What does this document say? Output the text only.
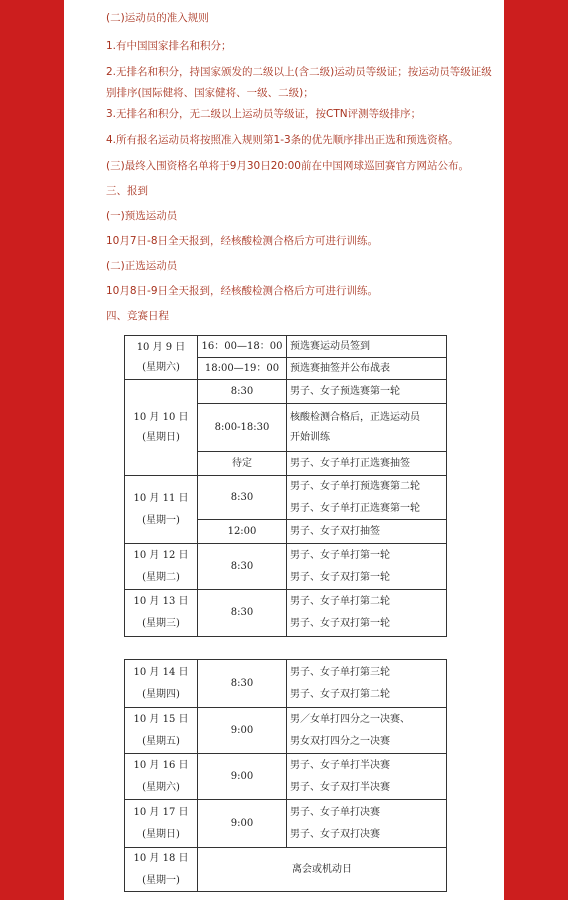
(二)运动员的准入规则

1.有中国国家排名和积分；

2.无排名和积分，持国家颁发的二级以上(含二级)运动员等级证；按运动员等级证级别排序(国际健将、国家健将、一级、二级)；

3.无排名和积分，无二级以上运动员等级证，按CTN评测等级排序；

4.所有报名运动员将按照准入规则第1-3条的优先顺序排出正选和预选资格。

(三)最终入围资格名单将于9月30日20:00前在中国网球巡回赛官方网站公布。

三、报到

(一)预选运动员

10月7日-8日全天报到，经核酸检测合格后方可进行训练。

(二)正选运动员

10月8日-9日全天报到，经核酸检测合格后方可进行训练。

四、竞赛日程

10 月 9 日
(星期六)	16：00—18：00	预选赛运动员签到
	18:00—19：00	预选赛抽签并公布战表

10 月 10 日
(星期日)	8:30	男子、女子预选赛第一轮
	8:00-18:30	核酸检测合格后，正选运动员
开始训练

	待定	男子、女子单打正选赛抽签

10 月 11 日
(星期一)	8:30	男子、女子单打预选赛第二轮
男子、女子单打正选赛第一轮

	12:00	男子、女子双打抽签

10 月 12 日
(星期二)	8:30	男子、女子单打第一轮
男子、女子双打第一轮

10 月 13 日
(星期三)	8:30	男子、女子单打第二轮
男子、女子双打第一轮
10 月 14 日
(星期四)	8:30	男子、女子单打第三轮
男子、女子双打第二轮

10 月 15 日
(星期五)	9:00	男／女单打四分之一决赛、
男女双打四分之一决赛

10 月 16 日
(星期六)	9:00	男子、女子单打半决赛
男子、女子双打半决赛

10 月 17 日
(星期日)	9:00	男子、女子单打决赛
男子、女子双打决赛

10 月 18 日
(星期一)	离会或机动日	
